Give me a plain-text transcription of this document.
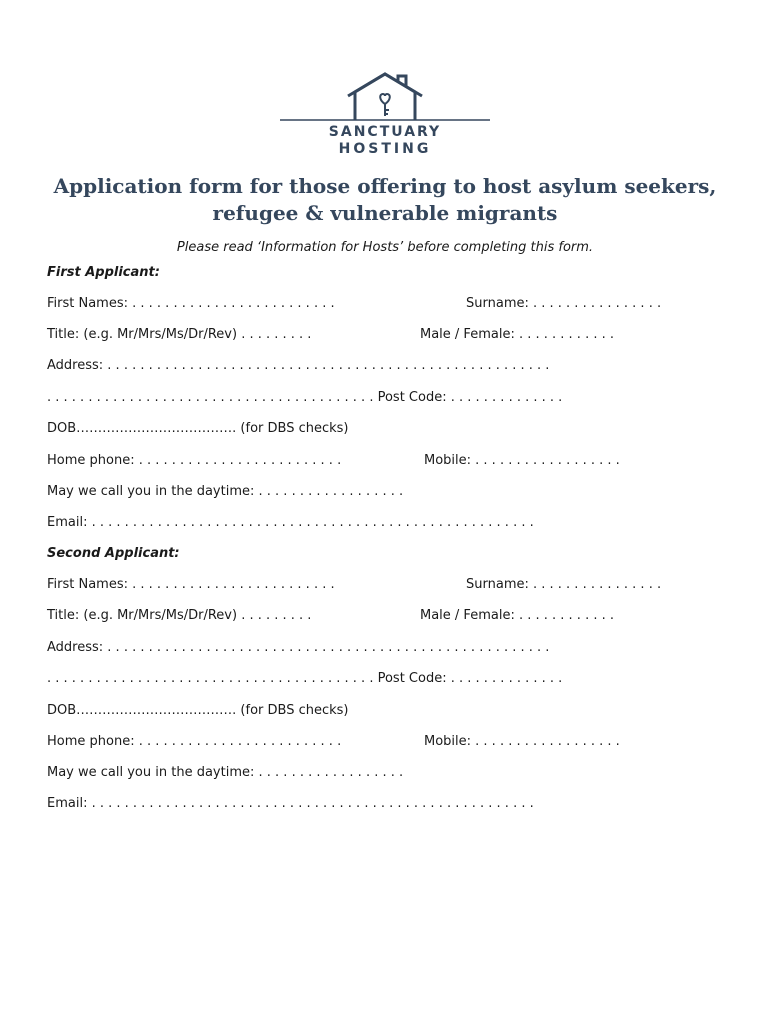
SANCTUARY
HOSTING
Application form for those offering to host asylum seekers,
refugee & vulnerable migrants
Please read ‘Information for Hosts’ before completing this form.
First Applicant:
First Names: . . . . . . . . . . . . . . . . . . . . . . . . .	Surname: . . . . . . . . . . . . . . . .
Title: (e.g. Mr/Mrs/Ms/Dr/Rev) . . . . . . . . .	Male / Female: . . . . . . . . . . . .
Address: . . . . . . . . . . . . . . . . . . . . . . . . . . . . . . . . . . . . . . . . . . . . . . . . . . . . . .
. . . . . . . . . . . . . . . . . . . . . . . . . . . . . . . . . . . . . . . . Post Code: . . . . . . . . . . . . . .
DOB………………………………. (for DBS checks)
Home phone: . . . . . . . . . . . . . . . . . . . . . . . . .	Mobile: . . . . . . . . . . . . . . . . . .
May we call you in the daytime: . . . . . . . . . . . . . . . . . .
Email: . . . . . . . . . . . . . . . . . . . . . . . . . . . . . . . . . . . . . . . . . . . . . . . . . . . . . .
Second Applicant:
First Names: . . . . . . . . . . . . . . . . . . . . . . . . .	Surname: . . . . . . . . . . . . . . . .
Title: (e.g. Mr/Mrs/Ms/Dr/Rev) . . . . . . . . .	Male / Female: . . . . . . . . . . . .
Address: . . . . . . . . . . . . . . . . . . . . . . . . . . . . . . . . . . . . . . . . . . . . . . . . . . . . . .
. . . . . . . . . . . . . . . . . . . . . . . . . . . . . . . . . . . . . . . . Post Code: . . . . . . . . . . . . . .
DOB………………………………. (for DBS checks)
Home phone: . . . . . . . . . . . . . . . . . . . . . . . . .	Mobile: . . . . . . . . . . . . . . . . . .
May we call you in the daytime: . . . . . . . . . . . . . . . . . .
Email: . . . . . . . . . . . . . . . . . . . . . . . . . . . . . . . . . . . . . . . . . . . . . . . . . . . . . .
